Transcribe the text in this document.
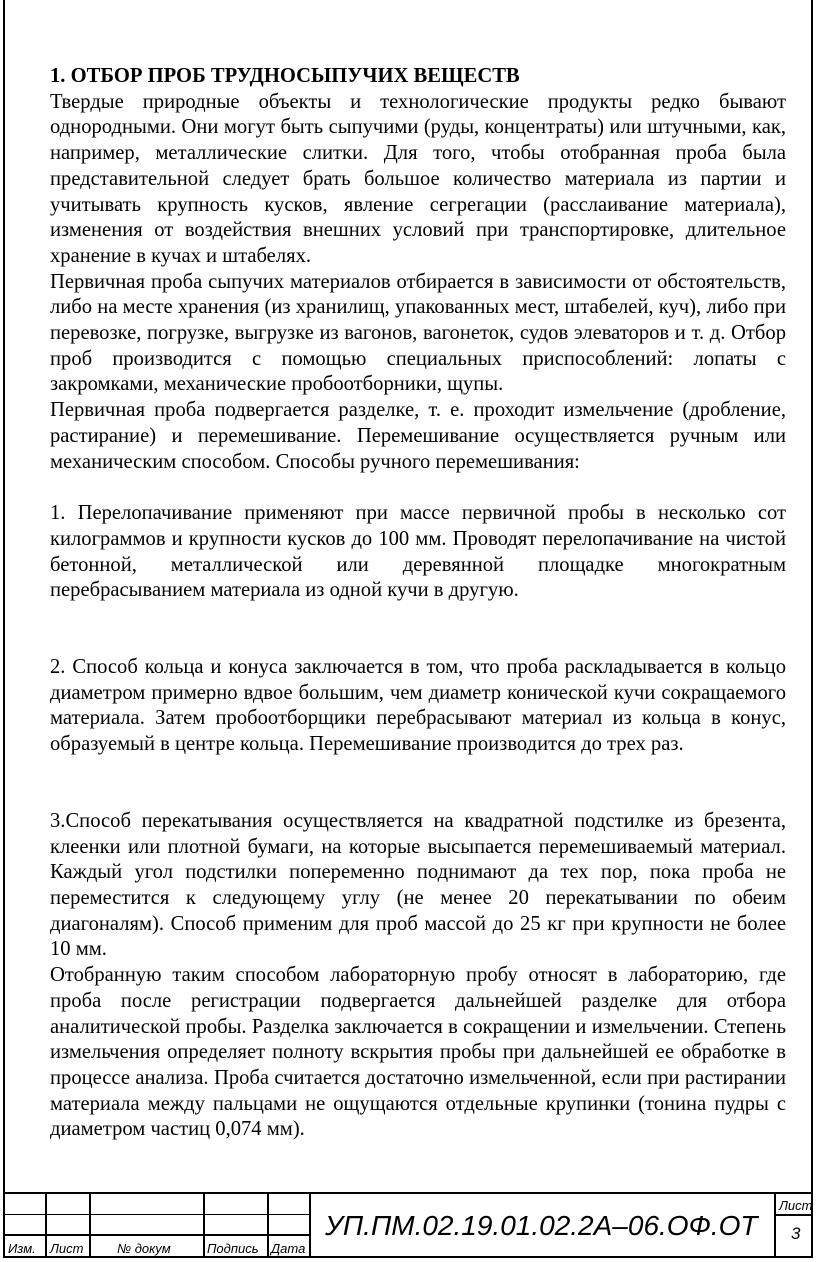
1. ОТБОР ПРОБ ТРУДНОСЫПУЧИХ ВЕЩЕСТВ

Твердые природные объекты и технологические продукты редко бывают однородными. Они могут быть сыпучими (руды, концентраты) или штучными, как, например, металлические слитки. Для того, чтобы отобранная проба была представительной следует брать большое количество материала из партии и учитывать крупность кусков, явление сегрегации (расслаивание материала), изменения от воздействия внешних условий при транспортировке, длительное хранение в кучах и штабелях.

Первичная проба сыпучих материалов отбирается в зависимости от обстоятельств, либо на месте хранения (из хранилищ, упакованных мест, штабелей, куч), либо при перевозке, погрузке, выгрузке из вагонов, вагонеток, судов элеваторов и т. д. Отбор проб производится с помощью специальных приспособлений: лопаты с закромками, механические пробоотборники, щупы.

Первичная проба подвергается разделке, т. е. проходит измельчение (дробление, растирание) и перемешивание. Перемешивание осуществляется ручным или механическим способом. Способы ручного перемешивания:

1. Перелопачивание применяют при массе первичной пробы в несколько сот килограммов и крупности кусков до 100 мм. Проводят перелопачивание на чистой бетонной, металлической или деревянной площадке многократным перебрасыванием материала из одной кучи в другую.

2. Способ кольца и конуса заключается в том, что проба раскладывается в кольцо диаметром примерно вдвое большим, чем диаметр конической кучи сокращаемого материала. Затем пробоотборщики перебрасывают материал из кольца в конус, образуемый в центре кольца. Перемешивание производится до трех раз.

3.Способ перекатывания осуществляется на квадратной подстилке из брезента, клеенки или плотной бумаги, на которые высыпается перемешиваемый материал. Каждый угол подстилки попеременно поднимают да тех пор, пока проба не переместится к следующему углу (не менее 20 перекатывании по обеим диагоналям). Способ применим для проб массой до 25 кг при крупности не более 10 мм.

Отобранную таким способом лабораторную пробу относят в лабораторию, где проба после регистрации подвергается дальнейшей разделке для отбора аналитической пробы. Разделка заключается в сокращении и измельчении. Степень измельчения определяет полноту вскрытия пробы при дальнейшей ее обработке в процессе анализа. Проба считается достаточно измельченной, если при растирании материала между пальцами не ощущаются отдельные крупинки (тонина пудры с диаметром частиц 0,074 мм).

Изм. Лист	№ докум	Подпись Дата
УП.ПМ.02.19.01.02.2А–06.ОФ.ОТ
Лист
3
